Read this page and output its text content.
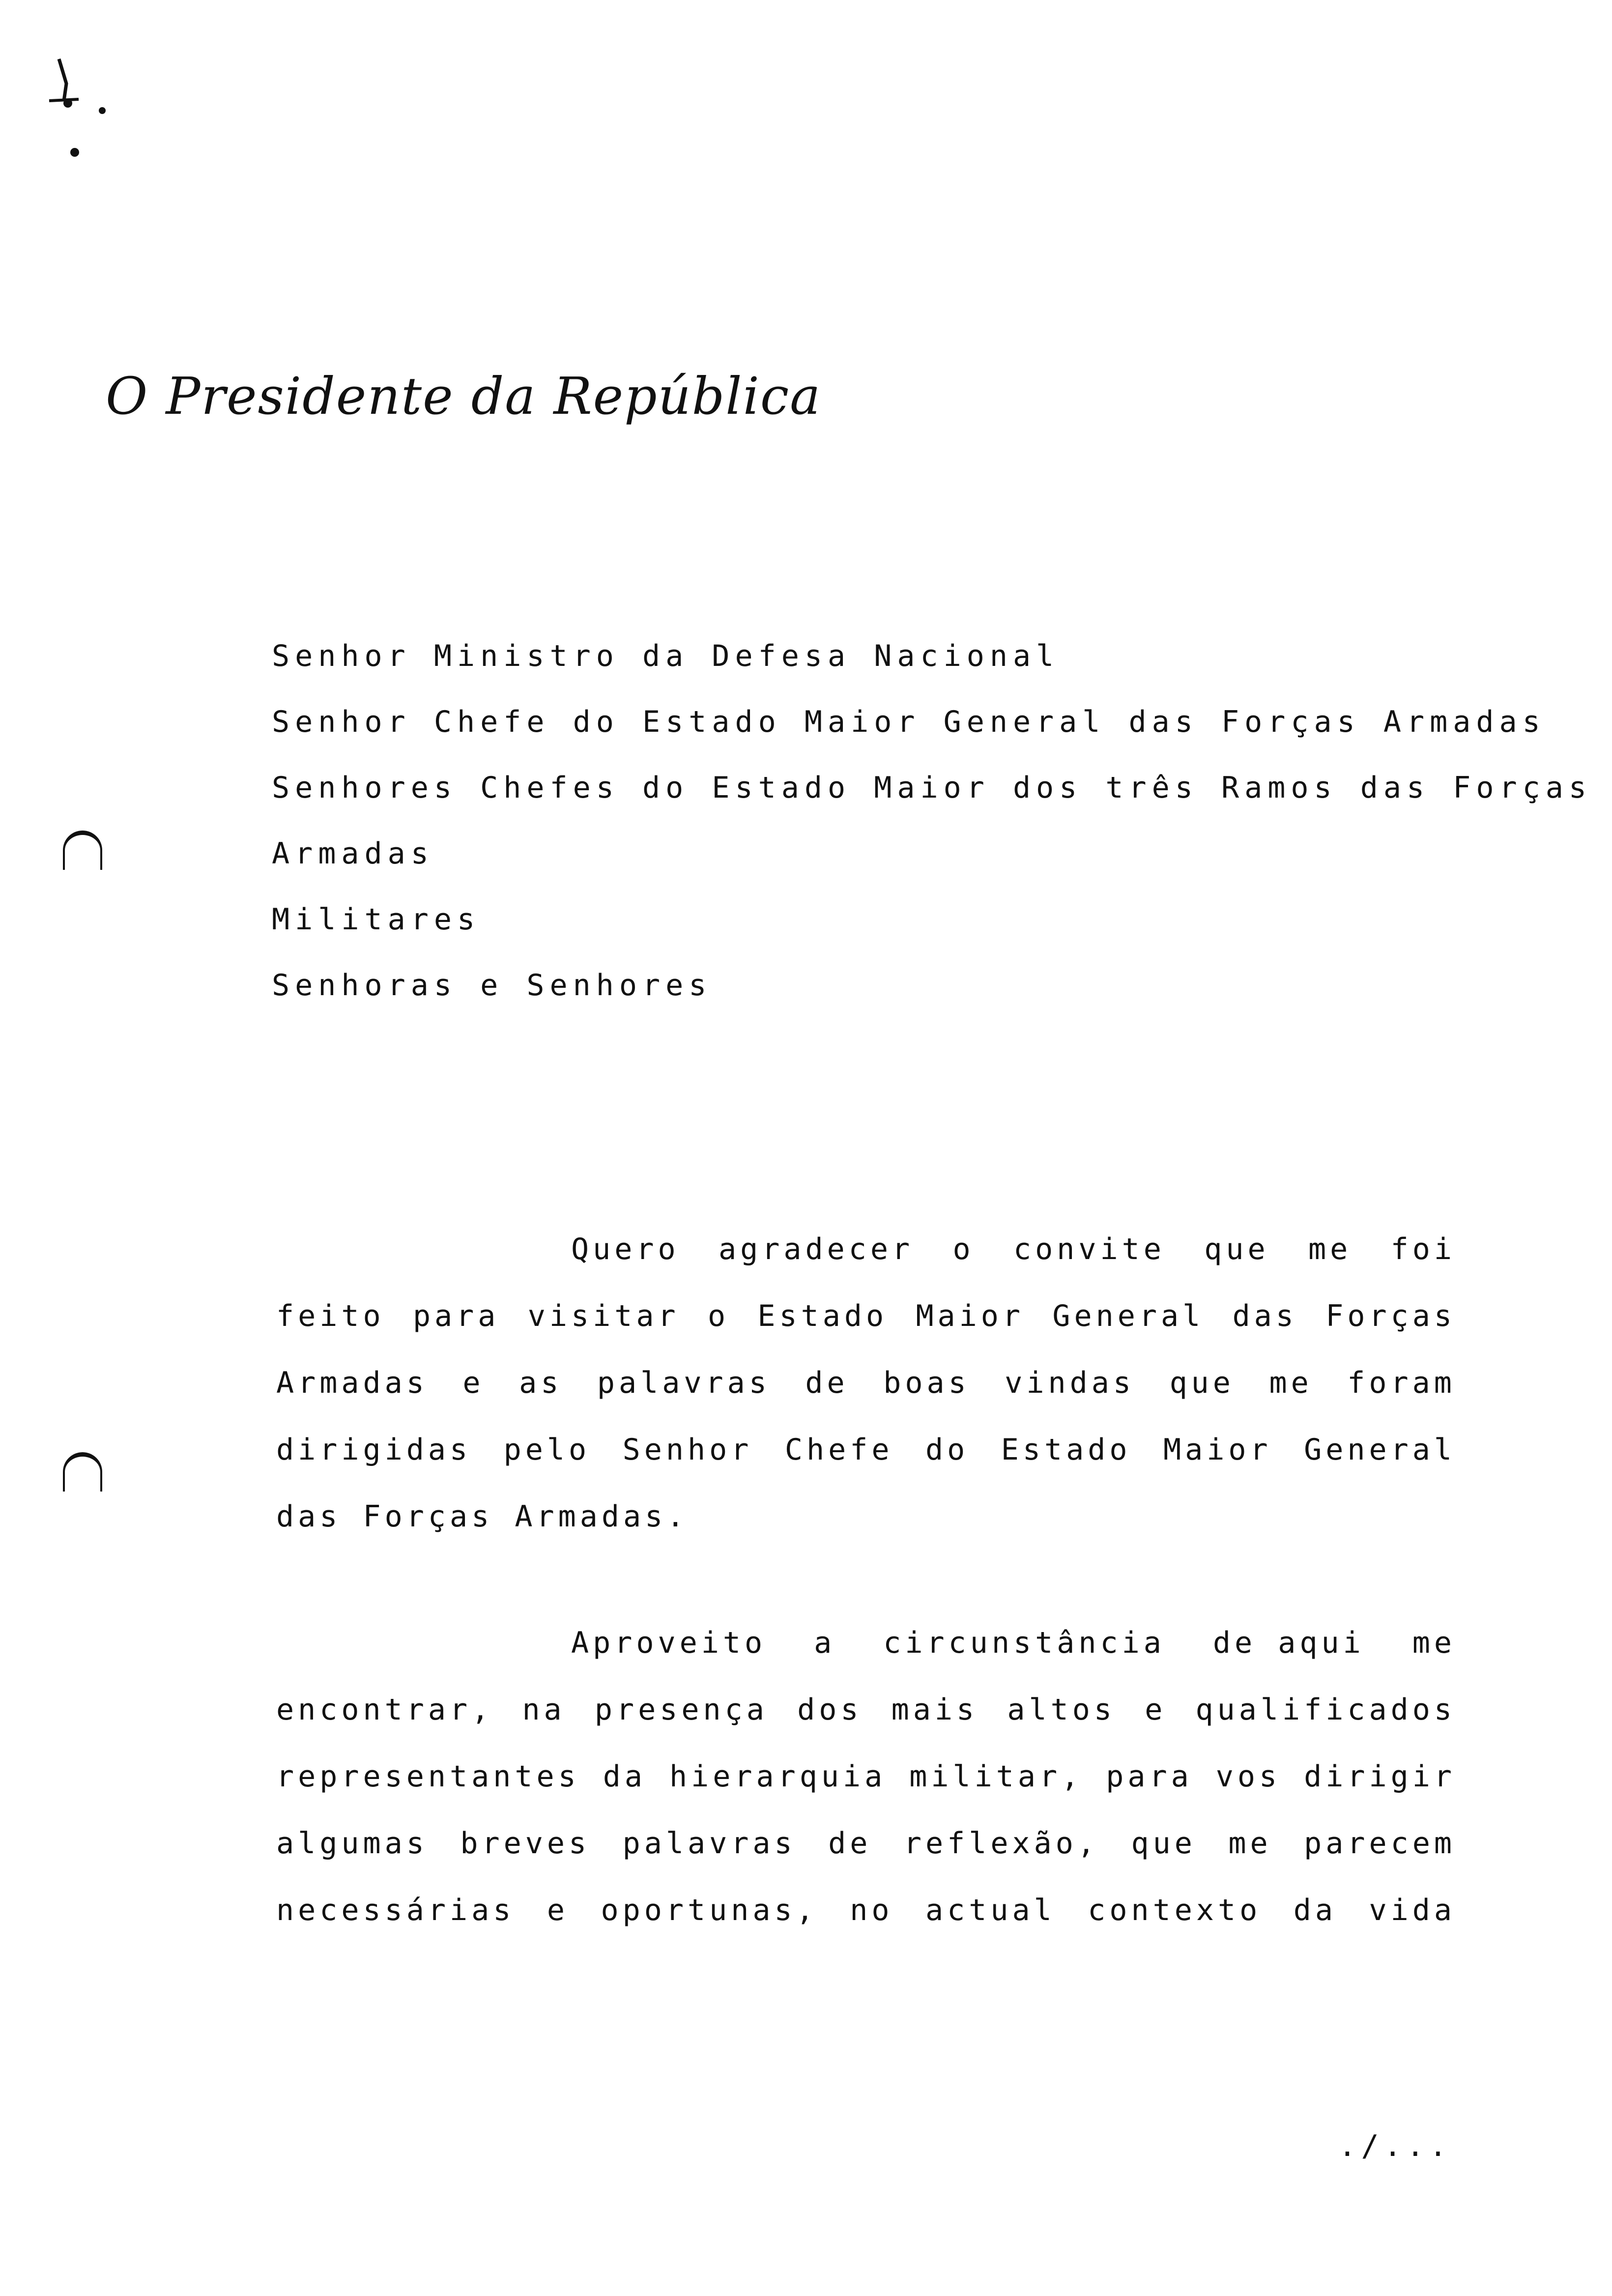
O Presidente da República
Senhor Ministro da Defesa Nacional
Senhor Chefe do Estado Maior General das Forças Armadas
Senhores Chefes do Estado Maior dos três Ramos das Forças
Armadas
Militares
Senhoras e Senhores
Quero agradecer o convite que me foi
feito para visitar o Estado Maior General das Forças
Armadas e as palavras de boas vindas que me foram
dirigidas pelo Senhor Chefe do Estado Maior General
das Forças Armadas.
Aproveito a circunstância de aqui me
encontrar, na presença dos mais altos e qualificados
representantes da hierarquia militar, para vos dirigir
algumas breves palavras de reflexão, que me parecem
necessárias e oportunas, no actual contexto da vida
./...
